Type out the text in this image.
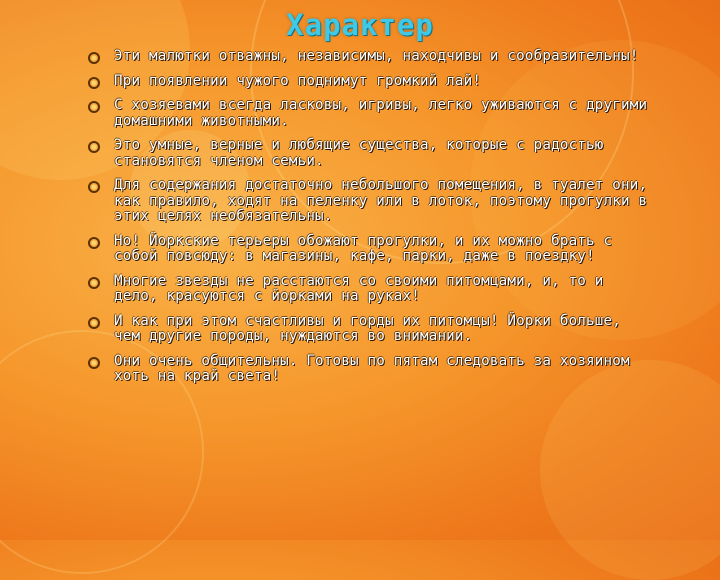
Характер
Эти малютки отважны, независимы, находчивы и сообразительны!
При появлении чужого поднимут громкий лай!
С хозяевами всегда ласковы, игривы, легко уживаются с другими домашними животными.
Это умные, верные и любящие существа, которые с радостью становятся членом семьи.
Для содержания достаточно небольшого помещения, в туалет они, как правило, ходят на пеленку или в лоток, поэтому прогулки в этих целях необязательны.
Но! Йоркские терьеры обожают прогулки, и их можно брать с собой повсюду: в магазины, кафе, парки, даже в поездку!
Многие звезды не расстаются со своими питомцами, и, то и дело, красуются с йорками на руках!
И как при этом счастливы и горды их питомцы! Йорки больше, чем другие породы, нуждаются во внимании.
Они очень общительны. Готовы по пятам следовать за хозяином хоть на край света!
